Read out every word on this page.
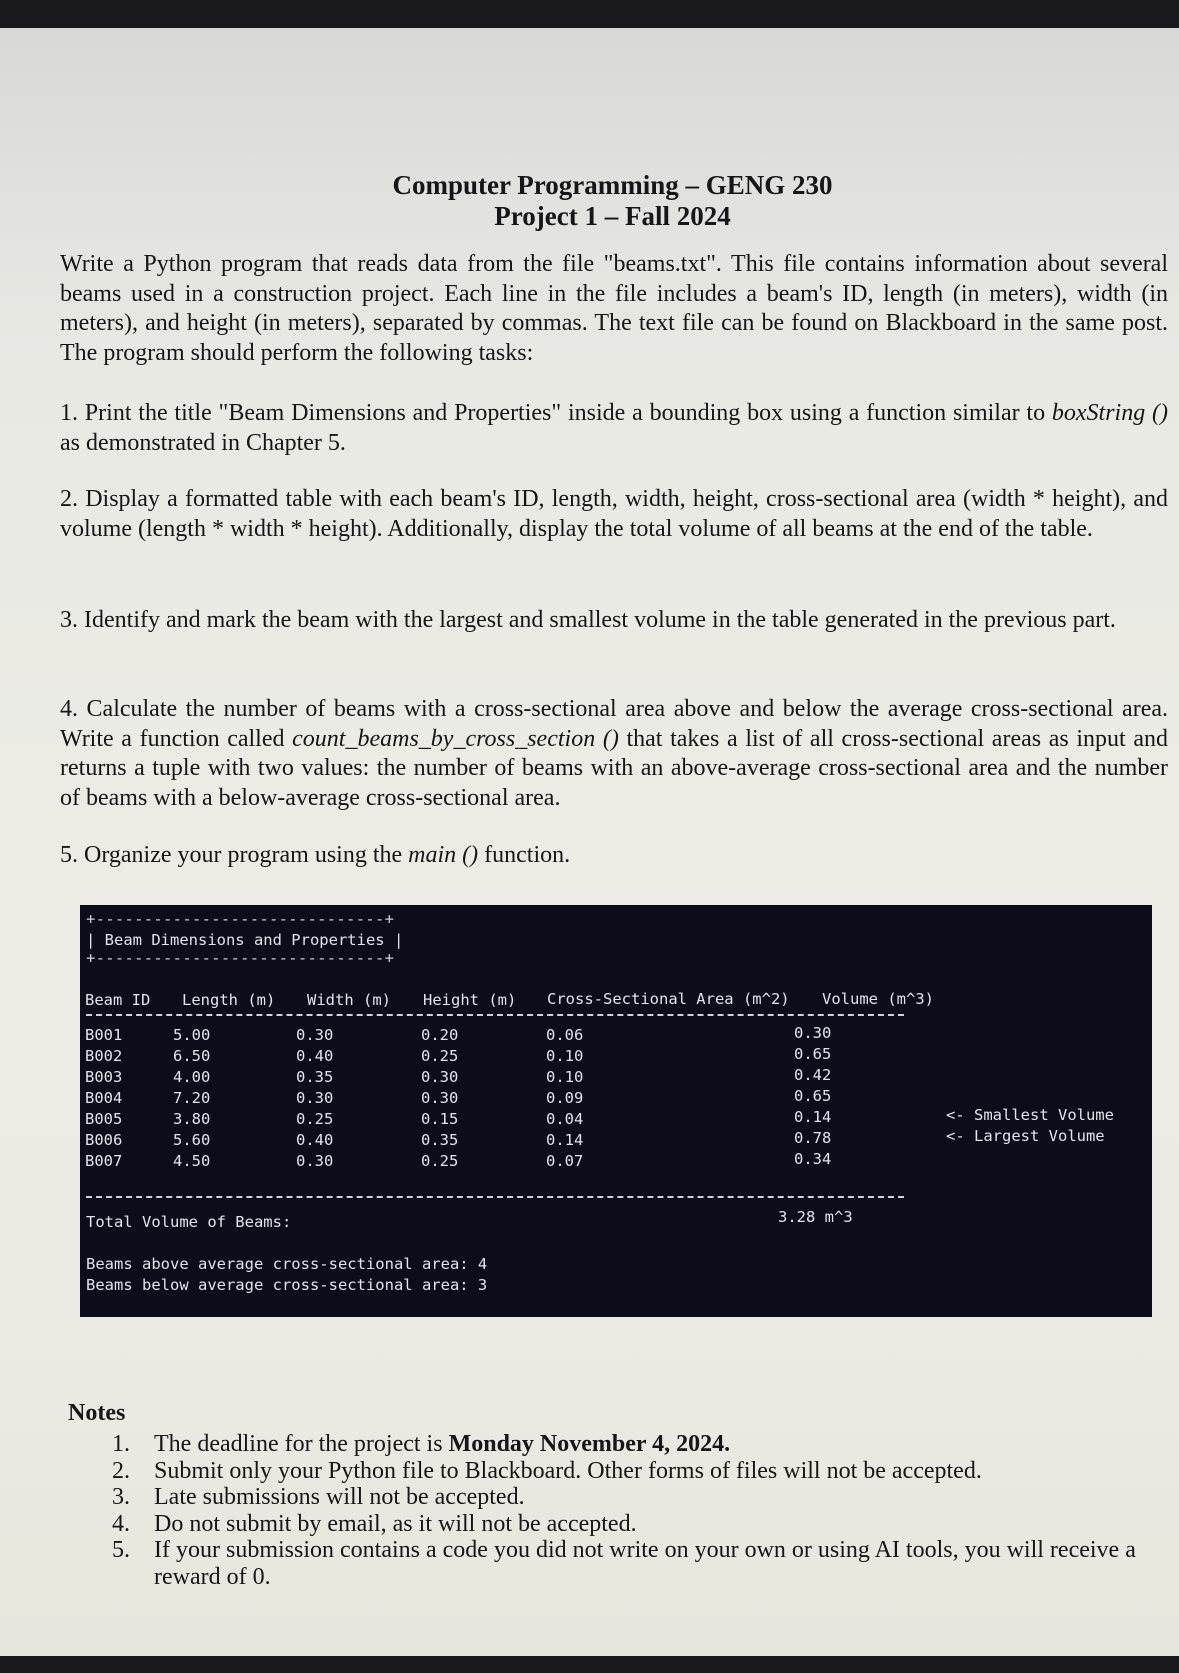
Computer Programming – GENG 230
Project 1 – Fall 2024
Write a Python program that reads data from the file "beams.txt". This file contains information about several beams used in a construction project. Each line in the file includes a beam's ID, length (in meters), width (in meters), and height (in meters), separated by commas. The text file can be found on Blackboard in the same post. The program should perform the following tasks:
1. Print the title "Beam Dimensions and Properties" inside a bounding box using a function similar to boxString () as demonstrated in Chapter 5.
2. Display a formatted table with each beam's ID, length, width, height, cross-sectional area (width * height), and volume (length * width * height). Additionally, display the total volume of all beams at the end of the table.
3. Identify and mark the beam with the largest and smallest volume in the table generated in the previous part.
4. Calculate the number of beams with a cross-sectional area above and below the average cross-sectional area. Write a function called count_beams_by_cross_section () that takes a list of all cross-sectional areas as input and returns a tuple with two values: the number of beams with an above-average cross-sectional area and the number of beams with a below-average cross-sectional area.
5. Organize your program using the main () function.
+------------------------------+
| Beam Dimensions and Properties |
+------------------------------+
Beam ID Length (m) Width (m) Height (m) Cross-Sectional Area (m^2) Volume (m^3)
B001	5.00	0.30	0.20	0.06	0.30
B002	6.50	0.40	0.25	0.10	0.65
B003	4.00	0.35	0.30	0.10	0.42
B004	7.20	0.30	0.30	0.09	0.65
B005	3.80	0.25	0.15	0.04	0.14	<- Smallest Volume
B006	5.60	0.40	0.35	0.14	0.78	<- Largest Volume
B007	4.50	0.30	0.25	0.07	0.34
Total Volume of Beams:	3.28 m^3
Beams above average cross-sectional area: 4
Beams below average cross-sectional area: 3
Notes
1. The deadline for the project is Monday November 4, 2024.
2. Submit only your Python file to Blackboard. Other forms of files will not be accepted.
3. Late submissions will not be accepted.
4. Do not submit by email, as it will not be accepted.
5. If your submission contains a code you did not write on your own or using AI tools, you will receive a reward of 0.
